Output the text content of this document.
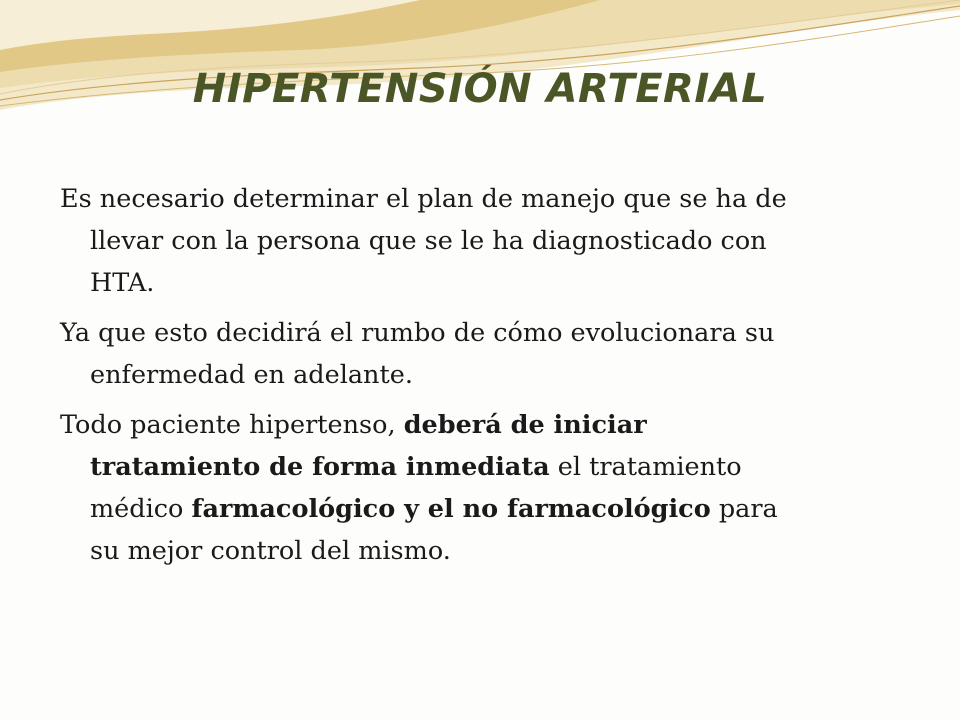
HIPERTENSIÓN ARTERIAL

Es necesario determinar el plan de manejo que se ha de
llevar con la persona que se le ha diagnosticado con
HTA.

Ya que esto decidirá el rumbo de cómo evolucionara su
enfermedad en adelante.

Todo paciente hipertenso, deberá de iniciar
tratamiento de forma inmediata el tratamiento
médico farmacológico y el no farmacológico para
su mejor control del mismo.
